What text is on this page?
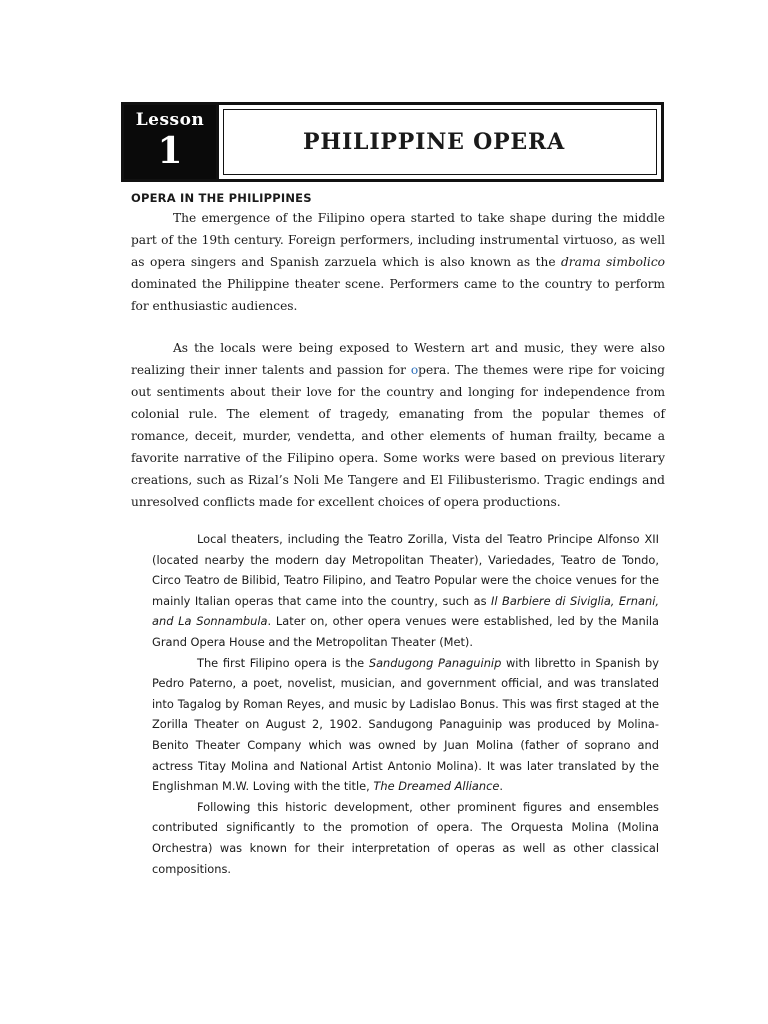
Lesson
1	PHILIPPINE OPERA
OPERA IN THE PHILIPPINES

The emergence of the Filipino opera started to take shape during the middle part of the 19th century. Foreign performers, including instrumental virtuoso, as well as opera singers and Spanish zarzuela which is also known as the drama simbolico dominated the Philippine theater scene. Performers came to the country to perform for enthusiastic audiences.

As the locals were being exposed to Western art and music, they were also realizing their inner talents and passion for opera. The themes were ripe for voicing out sentiments about their love for the country and longing for independence from colonial rule. The element of tragedy, emanating from the popular themes of romance, deceit, murder, vendetta, and other elements of human frailty, became a favorite narrative of the Filipino opera. Some works were based on previous literary creations, such as Rizal’s Noli Me Tangere and El Filibusterismo. Tragic endings and unresolved conflicts made for excellent choices of opera productions.

Local theaters, including the Teatro Zorilla, Vista del Teatro Principe Alfonso XII (located nearby the modern day Metropolitan Theater), Variedades, Teatro de Tondo, Circo Teatro de Bilibid, Teatro Filipino, and Teatro Popular were the choice venues for the mainly Italian operas that came into the country, such as Il Barbiere di Siviglia, Ernani, and La Sonnambula. Later on, other opera venues were established, led by the Manila Grand Opera House and the Metropolitan Theater (Met).

The first Filipino opera is the Sandugong Panaguinip with libretto in Spanish by Pedro Paterno, a poet, novelist, musician, and government official, and was translated into Tagalog by Roman Reyes, and music by Ladislao Bonus. This was first staged at the Zorilla Theater on August 2, 1902. Sandugong Panaguinip was produced by Molina-Benito Theater Company which was owned by Juan Molina (father of soprano and actress Titay Molina and National Artist Antonio Molina). It was later translated by the Englishman M.W. Loving with the title, The Dreamed Alliance.

Following this historic development, other prominent figures and ensembles contributed significantly to the promotion of opera. The Orquesta Molina (Molina Orchestra) was known for their interpretation of operas as well as other classical compositions.
